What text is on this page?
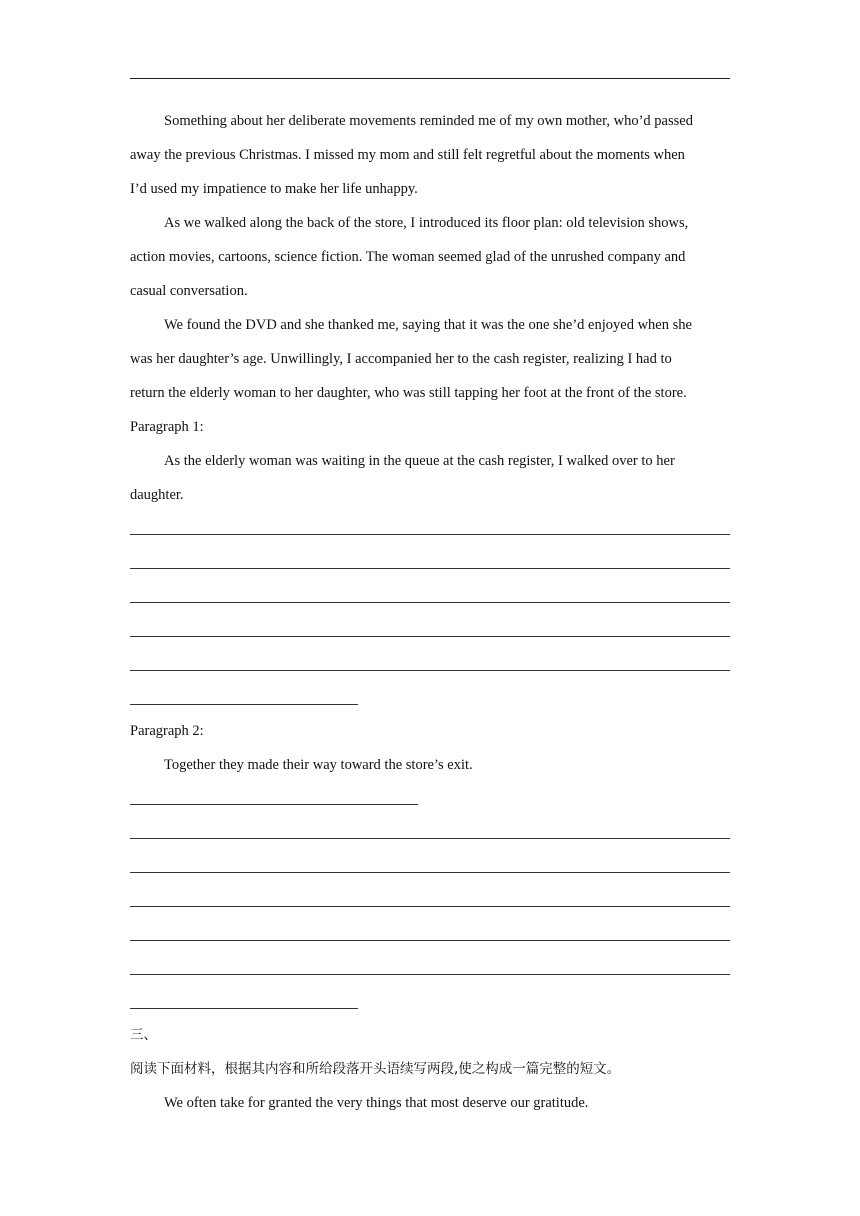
Something about her deliberate movements reminded me of my own mother, who’d passed

away the previous Christmas. I missed my mom and still felt regretful about the moments when

I’d used my impatience to make her life unhappy.

As we walked along the back of the store, I introduced its floor plan: old television shows,

action movies, cartoons, science fiction. The woman seemed glad of the unrushed company and

casual conversation.

We found the DVD and she thanked me, saying that it was the one she’d enjoyed when she

was her daughter’s age. Unwillingly, I accompanied her to the cash register, realizing I had to

return the elderly woman to her daughter, who was still tapping her foot at the front of the store.

Paragraph 1:

As the elderly woman was waiting in the queue at the cash register, I walked over to her

daughter.

Paragraph 2:

Together they made their way toward the store’s exit.

三、

阅读下面材料，根据其内容和所给段落开头语续写两段,使之构成一篇完整的短文。

We often take for granted the very things that most deserve our gratitude.
